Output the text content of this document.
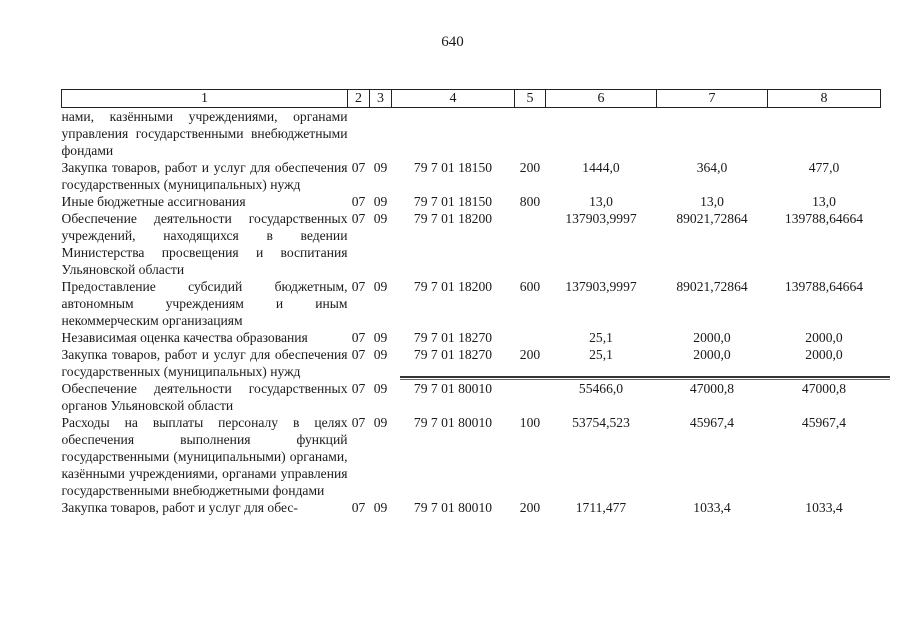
640
1	2	3	4	5	6	7	8
нами, казёнными учреждениями, органами управления государственными внебюджетными фондами							
Закупка товаров, работ и услуг для обеспечения государственных (муниципальных) нужд	07	09	79 7 01 18150	200	1444,0	364,0	477,0
Иные бюджетные ассигнования	07	09	79 7 01 18150	800	13,0	13,0	13,0
Обеспечение деятельности государственных учреждений, находящихся в ведении Министерства просвещения и воспитания Ульяновской области	07	09	79 7 01 18200		137903,9997	89021,72864	139788,64664
Предоставление субсидий бюджетным, автономным учреждениям и иным некоммерческим организациям	07	09	79 7 01 18200	600	137903,9997	89021,72864	139788,64664
Независимая оценка качества образования	07	09	79 7 01 18270		25,1	2000,0	2000,0
Закупка товаров, работ и услуг для обеспечения государственных (муниципальных) нужд	07	09	79 7 01 18270	200	25,1	2000,0	2000,0
Обеспечение деятельности государственных органов Ульяновской области	07	09	79 7 01 80010		55466,0	47000,8	47000,8
Расходы на выплаты персоналу в целях обеспечения выполнения функций государственными (муниципальными) органами, казёнными учреждениями, органами управления государственными внебюджетными фондами	07	09	79 7 01 80010	100	53754,523	45967,4	45967,4
Закупка товаров, работ и услуг для обес-	07	09	79 7 01 80010	200	1711,477	1033,4	1033,4
